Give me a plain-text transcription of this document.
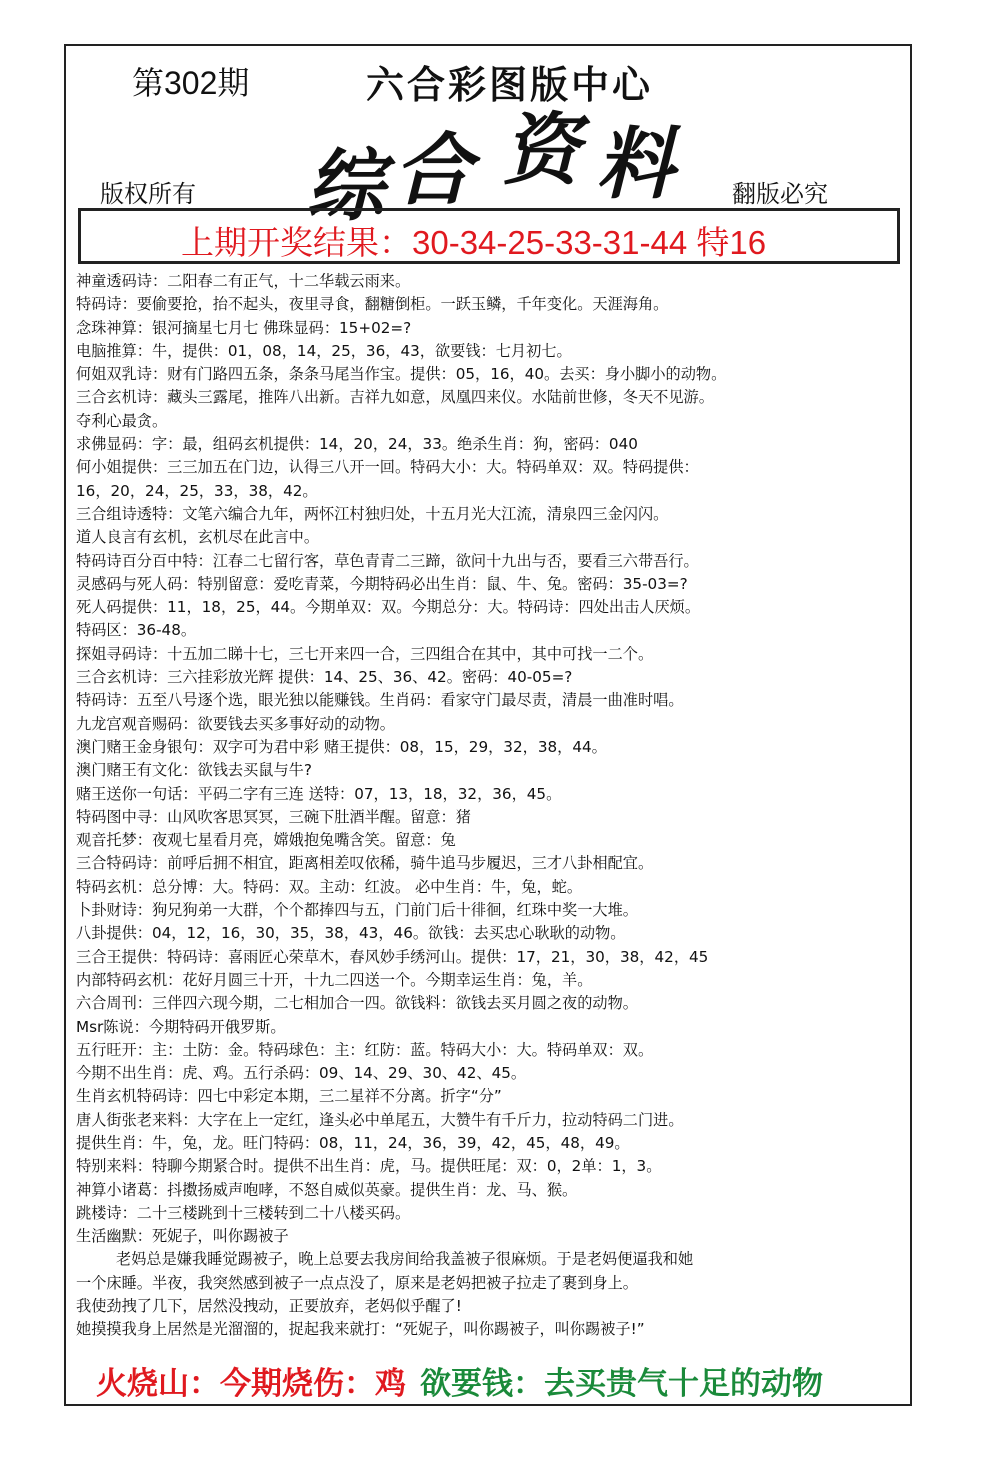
第302期	六合彩图版中心
综 合 资 料
版权所有	翻版必究
上期开奖结果：30-34-25-33-31-44 特16
神童透码诗：二阳春二有正气，十二华载云雨来。
特码诗：要偷要抢，抬不起头，夜里寻食，翻糖倒柜。一跃玉鳞，千年变化。天涯海角。
念珠神算：银河摘星七月七 佛珠显码：15+02=?
电脑推算：牛，提供：01，08，14，25，36，43，欲要钱：七月初七。
何姐双乳诗：财有门路四五条，条条马尾当作宝。提供：05，16，40。去买：身小脚小的动物。
三合玄机诗：藏头三露尾，推阵八出新。吉祥九如意，凤凰四来仪。水陆前世修，冬天不见游。
夺利心最贪。
求佛显码：字：最，组码玄机提供：14，20，24，33。绝杀生肖：狗，密码：040
何小姐提供：三三加五在门边，认得三八开一回。特码大小：大。特码单双：双。特码提供：
16，20，24，25，33，38，42。
三合组诗透特：文笔六编合九年，两怀江村独归处，十五月光大江流，清泉四三金闪闪。
道人良言有玄机，玄机尽在此言中。
特码诗百分百中特：江春二七留行客，草色青青二三蹄，欲问十九出与否，要看三六带吾行。
灵感码与死人码：特别留意：爱吃青菜，今期特码必出生肖：鼠、牛、兔。密码：35-03=?
死人码提供：11，18，25，44。今期单双：双。今期总分：大。特码诗：四处出击人厌烦。
特码区：36-48。
探姐寻码诗：十五加二睇十七，三七开来四一合，三四组合在其中，其中可找一二个。
三合玄机诗：三六挂彩放光辉 提供：14、25、36、42。密码：40-05=?
特码诗：五至八号逐个选，眼光独以能赚钱。生肖码：看家守门最尽责，清晨一曲准时唱。
九龙宫观音赐码：欲要钱去买多事好动的动物。
澳门赌王金身银句：双字可为君中彩 赌王提供：08，15，29，32，38，44。
澳门赌王有文化：欲钱去买鼠与牛?
赌王送你一句话：平码二字有三连 送特：07，13，18，32，36，45。
特码图中寻：山风吹客思冥冥，三碗下肚酒半醒。留意：猪
观音托梦：夜观七星看月亮，嫦娥抱兔嘴含笑。留意：兔
三合特码诗：前呼后拥不相宜，距离相差叹依稀，骑牛追马步履迟，三才八卦相配宜。
特码玄机：总分博：大。特码：双。主动：红波。 必中生肖：牛，兔，蛇。
卜卦财诗：狗兄狗弟一大群，个个都捧四与五，门前门后十徘徊，红珠中奖一大堆。
八卦提供：04，12，16，30，35，38，43，46。欲钱：去买忠心耿耿的动物。
三合王提供：特码诗：喜雨匠心荣草木，春风妙手绣河山。提供：17，21，30，38，42，45
内部特码玄机：花好月圆三十开，十九二四送一个。今期幸运生肖：兔，羊。
六合周刊：三伴四六现今期，二七相加合一四。欲钱料：欲钱去买月圆之夜的动物。
Msr陈说：今期特码开俄罗斯。
五行旺开：主：土防：金。特码球色：主：红防：蓝。特码大小：大。特码单双：双。
今期不出生肖：虎、鸡。五行杀码：09、14、29、30、42、45。
生肖玄机特码诗：四七中彩定本期，三二星祥不分离。折字“分”
唐人街张老来料：大字在上一定红，逢头必中单尾五，大赞牛有千斤力，拉动特码二门进。
提供生肖：牛，兔，龙。旺门特码：08，11，24，36，39，42，45，48，49。
特别来料：特聊今期紧合时。提供不出生肖：虎，马。提供旺尾：双：0，2单：1，3。
神算小诸葛：抖擞扬威声咆哮，不怒自威似英豪。提供生肖：龙、马、猴。
跳楼诗：二十三楼跳到十三楼转到二十八楼买码。
生活幽默：死妮子，叫你踢被子
老妈总是嫌我睡觉踢被子，晚上总要去我房间给我盖被子很麻烦。于是老妈便逼我和她
一个床睡。半夜，我突然感到被子一点点没了，原来是老妈把被子拉走了裹到身上。
我使劲拽了几下，居然没拽动，正要放弃，老妈似乎醒了!
她摸摸我身上居然是光溜溜的，捉起我来就打：“死妮子，叫你踢被子，叫你踢被子!”
火烧山：今期烧伤：鸡 欲要钱：去买贵气十足的动物
